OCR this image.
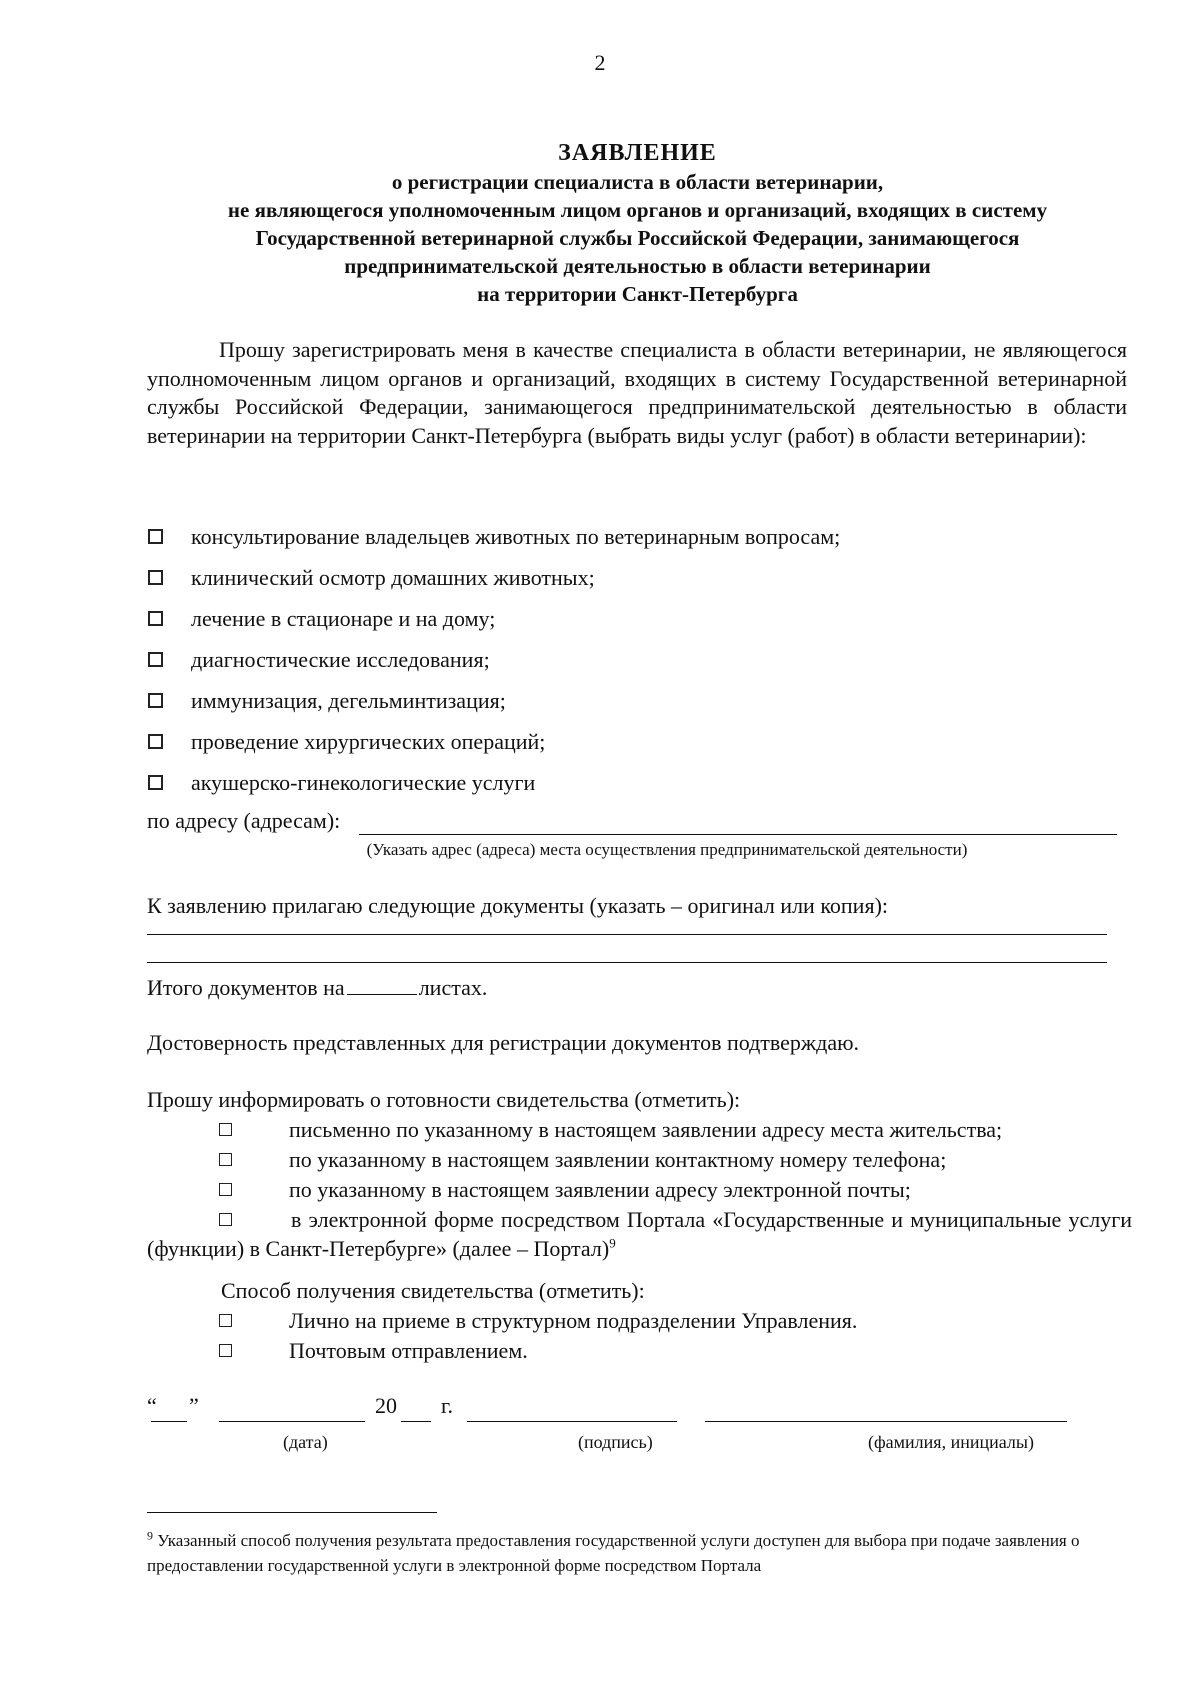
2
ЗАЯВЛЕНИЕ
о регистрации специалиста в области ветеринарии,
не являющегося уполномоченным лицом органов и организаций, входящих в систему
Государственной ветеринарной службы Российской Федерации, занимающегося
предпринимательской деятельностью в области ветеринарии
на территории Санкт-Петербурга

Прошу зарегистрировать меня в качестве специалиста в области ветеринарии, не являющегося уполномоченным лицом органов и организаций, входящих в систему Государственной ветеринарной службы Российской Федерации, занимающегося предпринимательской деятельностью в области ветеринарии на территории Санкт-Петербурга (выбрать виды услуг (работ) в области ветеринарии):

консультирование владельцев животных по ветеринарным вопросам;
клинический осмотр домашних животных;
лечение в стационаре и на дому;
диагностические исследования;
иммунизация, дегельминтизация;
проведение хирургических операций;
акушерско-гинекологические услуги
по адресу (адресам):
(Указать адрес (адреса) места осуществления предпринимательской деятельности)
К заявлению прилагаю следующие документы (указать – оригинал или копия):
Итого документов на	листах.
Достоверность представленных для регистрации документов подтверждаю.
Прошу информировать о готовности свидетельства (отметить):
письменно по указанному в настоящем заявлении адресу места жительства;
по указанному в настоящем заявлении контактному номеру телефона;
по указанному в настоящем заявлении адресу электронной почты;
в электронной форме посредством Портала «Государственные и муниципальные услуги (функции) в Санкт-Петербурге» (далее – Портал)$^9$
Способ получения свидетельства (отметить):
Лично на приеме в структурном подразделении Управления.
Почтовым отправлением.
“ ”	20 г.
(дата)	(подпись)	(фамилия, инициалы)
$^9$ Указанный способ получения результата предоставления государственной услуги доступен для выбора при подаче заявления о предоставлении государственной услуги в электронной форме посредством Портала
